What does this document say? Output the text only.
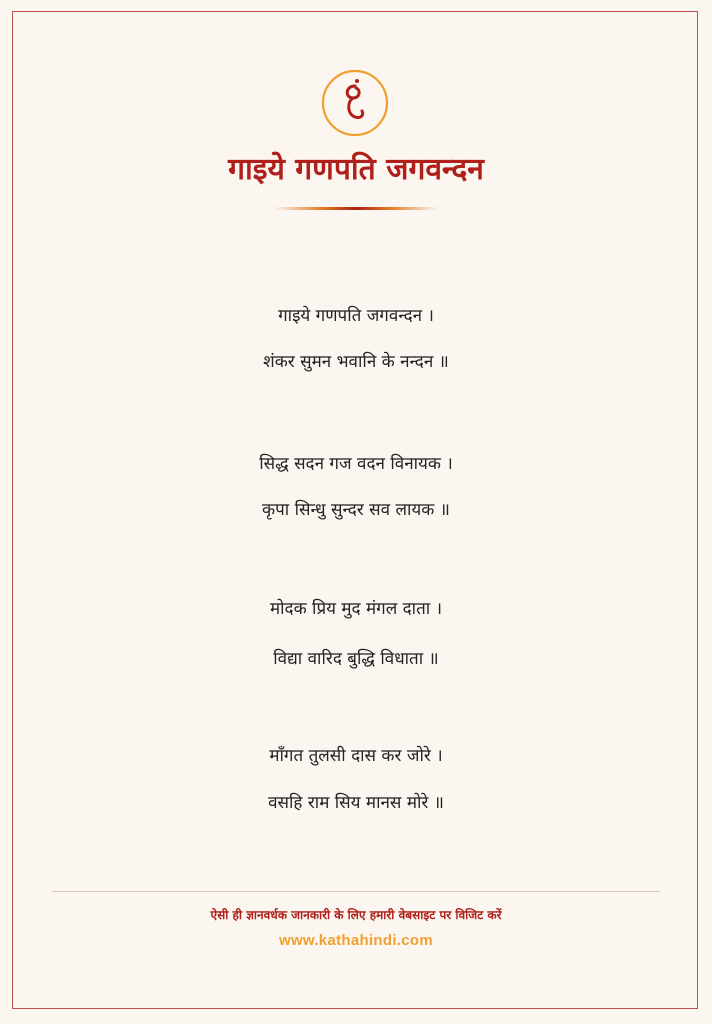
गाइये गणपति जगवन्दन
गाइये गणपति जगवन्दन ।
शंकर सुमन भवानि के नन्दन ॥
सिद्ध सदन गज वदन विनायक ।
कृपा सिन्धु सुन्दर सव लायक ॥
मोदक प्रिय मुद मंगल दाता ।
विद्या वारिद बुद्धि विधाता ॥
माँगत तुलसी दास कर जोरे ।
वसहि राम सिय मानस मोरे ॥
ऐसी ही ज्ञानवर्धक जानकारी के लिए हमारी वेबसाइट पर विजिट करें
www.kathahindi.com
